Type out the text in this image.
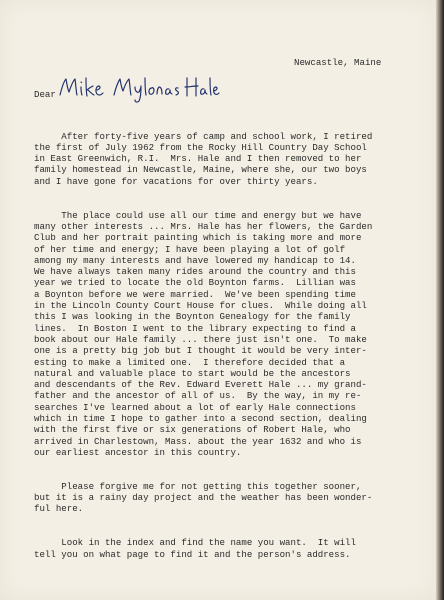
Newcastle, Maine
Dear

After forty-five years of camp and school work, I retired
the first of July 1962 from the Rocky Hill Country Day School
in East Greenwich, R.I.  Mrs. Hale and I then removed to her
family homestead in Newcastle, Maine, where she, our two boys
and I have gone for vacations for over thirty years.

The place could use all our time and energy but we have
many other interests ... Mrs. Hale has her flowers, the Garden
Club and her portrait painting which is taking more and more
of her time and energy; I have been playing a lot of golf
among my many interests and have lowered my handicap to 14.
We have always taken many rides around the country and this
year we tried to locate the old Boynton farms.  Lillian was
a Boynton before we were married.  We've been spending time
in the Lincoln County Court House for clues.  While doing all
this I was looking in the Boynton Genealogy for the family
lines.  In Boston I went to the library expecting to find a
book about our Hale family ... there just isn't one.  To make
one is a pretty big job but I thought it would be very inter-
esting to make a limited one.  I therefore decided that a
natural and valuable place to start would be the ancestors
and descendants of the Rev. Edward Everett Hale ... my grand-
father and the ancestor of all of us.  By the way, in my re-
searches I've learned about a lot of early Hale connections
which in time I hope to gather into a second section, dealing
with the first five or six generations of Robert Hale, who
arrived in Charlestown, Mass. about the year 1632 and who is
our earliest ancestor in this country.

Please forgive me for not getting this together sooner,
but it is a rainy day project and the weather has been wonder-
ful here.

Look in the index and find the name you want.  It will
tell you on what page to find it and the person's address.
